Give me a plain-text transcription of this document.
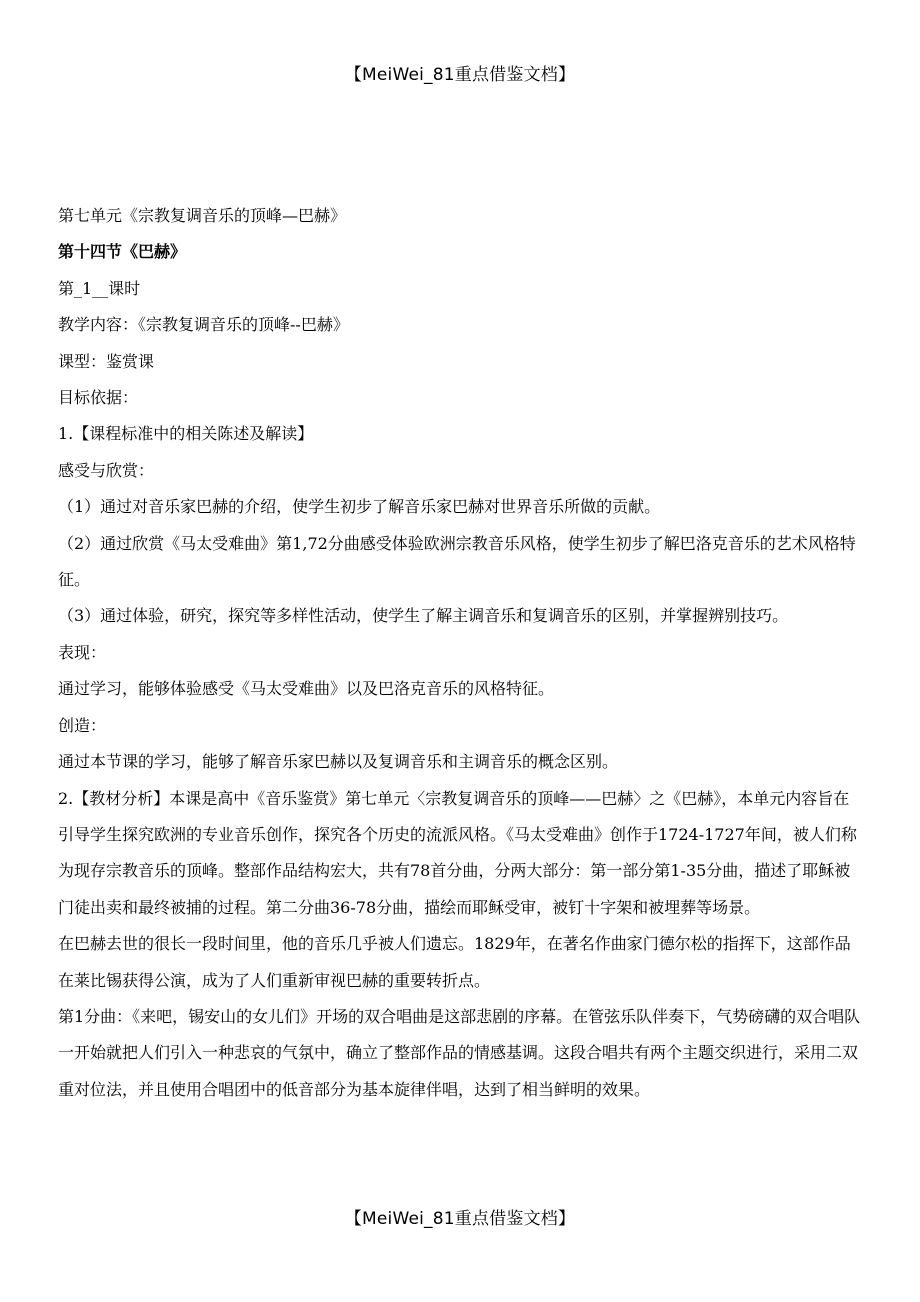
【MeiWei_81重点借鉴文档】

第七单元《宗教复调音乐的顶峰—巴赫》

第十四节《巴赫》

第_1__课时

教学内容：《宗教复调音乐的顶峰--巴赫》

课型：鉴赏课

目标依据：

1.【课程标准中的相关陈述及解读】

感受与欣赏：

（1）通过对音乐家巴赫的介绍，使学生初步了解音乐家巴赫对世界音乐所做的贡献。

（2）通过欣赏《马太受难曲》第1,72分曲感受体验欧洲宗教音乐风格，使学生初步了解巴洛克音乐的艺术风格特征。

（3）通过体验，研究，探究等多样性活动，使学生了解主调音乐和复调音乐的区别，并掌握辨别技巧。

表现：

通过学习，能够体验感受《马太受难曲》以及巴洛克音乐的风格特征。

创造：

通过本节课的学习，能够了解音乐家巴赫以及复调音乐和主调音乐的概念区别。

2.【教材分析】本课是高中《音乐鉴赏》第七单元〈宗教复调音乐的顶峰——巴赫〉之《巴赫》，本单元内容旨在引导学生探究欧洲的专业音乐创作，探究各个历史的流派风格。《马太受难曲》创作于1724-1727年间，被人们称为现存宗教音乐的顶峰。整部作品结构宏大，共有78首分曲，分两大部分：第一部分第1-35分曲，描述了耶稣被门徒出卖和最终被捕的过程。第二分曲36-78分曲，描绘而耶稣受审，被钉十字架和被埋葬等场景。

在巴赫去世的很长一段时间里，他的音乐几乎被人们遗忘。1829年，在著名作曲家门德尔松的指挥下，这部作品在莱比锡获得公演，成为了人们重新审视巴赫的重要转折点。

第1分曲：《来吧，锡安山的女儿们》开场的双合唱曲是这部悲剧的序幕。在管弦乐队伴奏下，气势磅礴的双合唱队一开始就把人们引入一种悲哀的气氛中，确立了整部作品的情感基调。这段合唱共有两个主题交织进行，采用二双重对位法，并且使用合唱团中的低音部分为基本旋律伴唱，达到了相当鲜明的效果。

【MeiWei_81重点借鉴文档】
